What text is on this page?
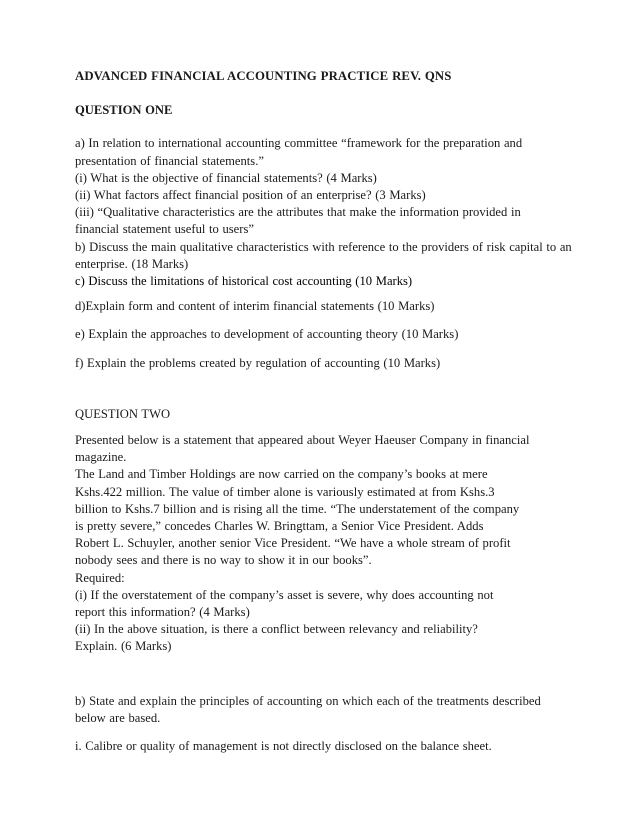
ADVANCED FINANCIAL ACCOUNTING PRACTICE REV. QNS
QUESTION ONE
a) In relation to international accounting committee “framework for the preparation and
presentation of financial statements.”
(i) What is the objective of financial statements? (4 Marks)
(ii) What factors affect financial position of an enterprise? (3 Marks)
(iii) “Qualitative characteristics are the attributes that make the information provided in
financial statement useful to users”
b) Discuss the main qualitative characteristics with reference to the providers of risk capital to an
enterprise. (18 Marks)
c) Discuss the limitations of historical cost accounting (10 Marks)
d)Explain form and content of interim financial statements (10 Marks)
e) Explain the approaches to development of accounting theory (10 Marks)
f) Explain the problems created by regulation of accounting (10 Marks)
QUESTION TWO
Presented below is a statement that appeared about Weyer Haeuser Company in financial
magazine.
The Land and Timber Holdings are now carried on the company’s books at mere
Kshs.422 million. The value of timber alone is variously estimated at from Kshs.3
billion to Kshs.7 billion and is rising all the time. “The understatement of the company
is pretty severe,” concedes Charles W. Bringttam, a Senior Vice President. Adds
Robert L. Schuyler, another senior Vice President. “We have a whole stream of profit
nobody sees and there is no way to show it in our books”.
Required:
(i) If the overstatement of the company’s asset is severe, why does accounting not
report this information? (4 Marks)
(ii) In the above situation, is there a conflict between relevancy and reliability?
Explain. (6 Marks)
b) State and explain the principles of accounting on which each of the treatments described
below are based.
i. Calibre or quality of management is not directly disclosed on the balance sheet.
